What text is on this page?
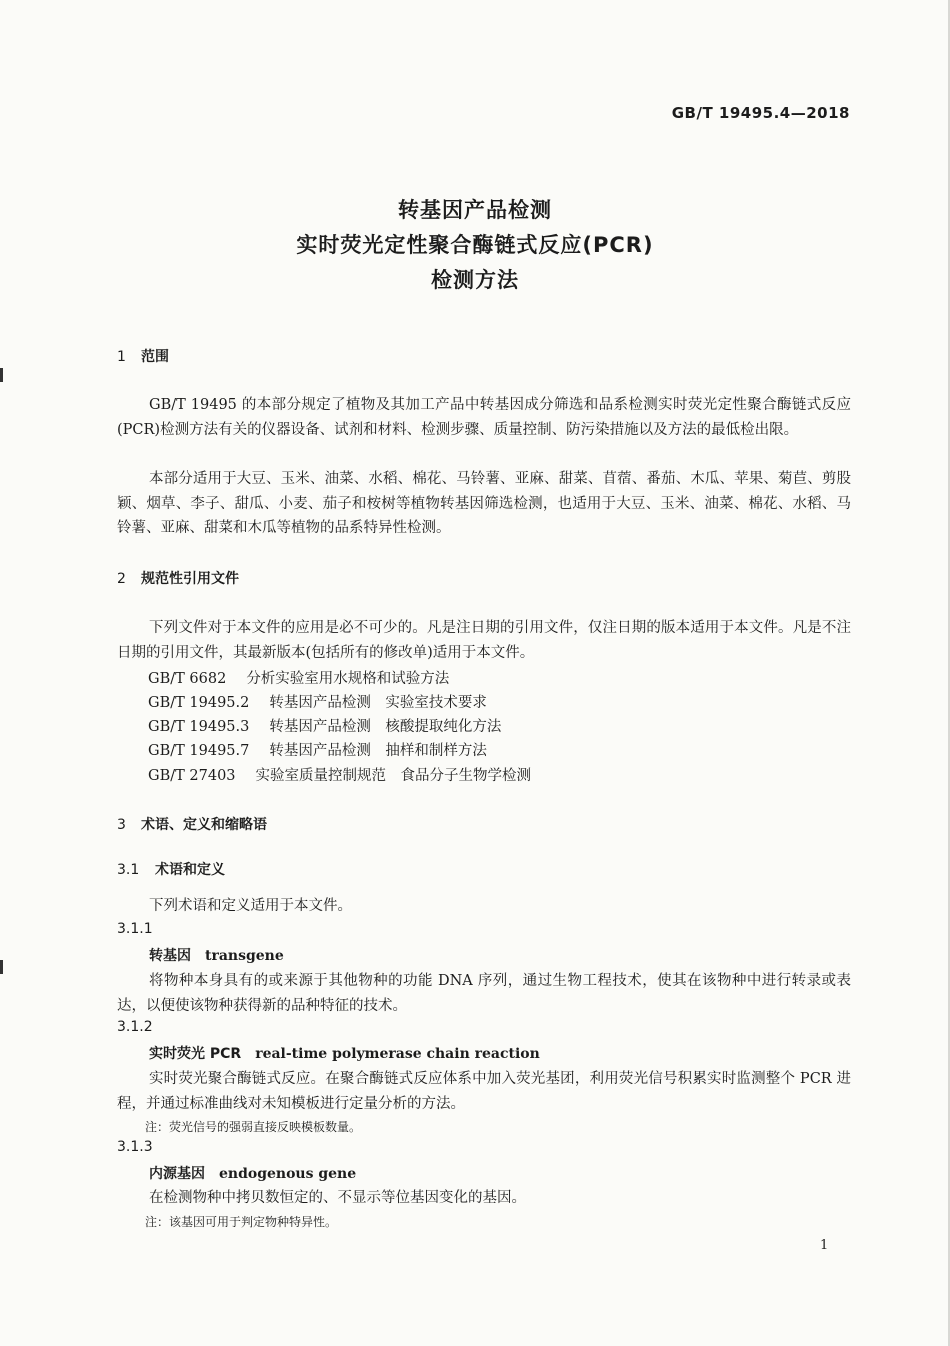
GB/T 19495.4—2018
转基因产品检测
实时荧光定性聚合酶链式反应(PCR)
检测方法
1 范围
GB/T 19495 的本部分规定了植物及其加工产品中转基因成分筛选和品系检测实时荧光定性聚合酶链式反应(PCR)检测方法有关的仪器设备、试剂和材料、检测步骤、质量控制、防污染措施以及方法的最低检出限。
本部分适用于大豆、玉米、油菜、水稻、棉花、马铃薯、亚麻、甜菜、苜蓿、番茄、木瓜、苹果、菊苣、剪股颖、烟草、李子、甜瓜、小麦、茄子和桉树等植物转基因筛选检测，也适用于大豆、玉米、油菜、棉花、水稻、马铃薯、亚麻、甜菜和木瓜等植物的品系特异性检测。
2 规范性引用文件
下列文件对于本文件的应用是必不可少的。凡是注日期的引用文件，仅注日期的版本适用于本文件。凡是不注日期的引用文件，其最新版本(包括所有的修改单)适用于本文件。
GB/T 6682 分析实验室用水规格和试验方法
GB/T 19495.2 转基因产品检测　实验室技术要求
GB/T 19495.3 转基因产品检测　核酸提取纯化方法
GB/T 19495.7 转基因产品检测　抽样和制样方法
GB/T 27403 实验室质量控制规范　食品分子生物学检测
3 术语、定义和缩略语
3.1 术语和定义
下列术语和定义适用于本文件。
3.1.1
转基因 transgene
将物种本身具有的或来源于其他物种的功能 DNA 序列，通过生物工程技术，使其在该物种中进行转录或表达，以便使该物种获得新的品种特征的技术。
3.1.2
实时荧光 PCR real-time polymerase chain reaction
实时荧光聚合酶链式反应。在聚合酶链式反应体系中加入荧光基团，利用荧光信号积累实时监测整个 PCR 进程，并通过标准曲线对未知模板进行定量分析的方法。
注：荧光信号的强弱直接反映模板数量。
3.1.3
内源基因 endogenous gene
在检测物种中拷贝数恒定的、不显示等位基因变化的基因。
注：该基因可用于判定物种特异性。
1
